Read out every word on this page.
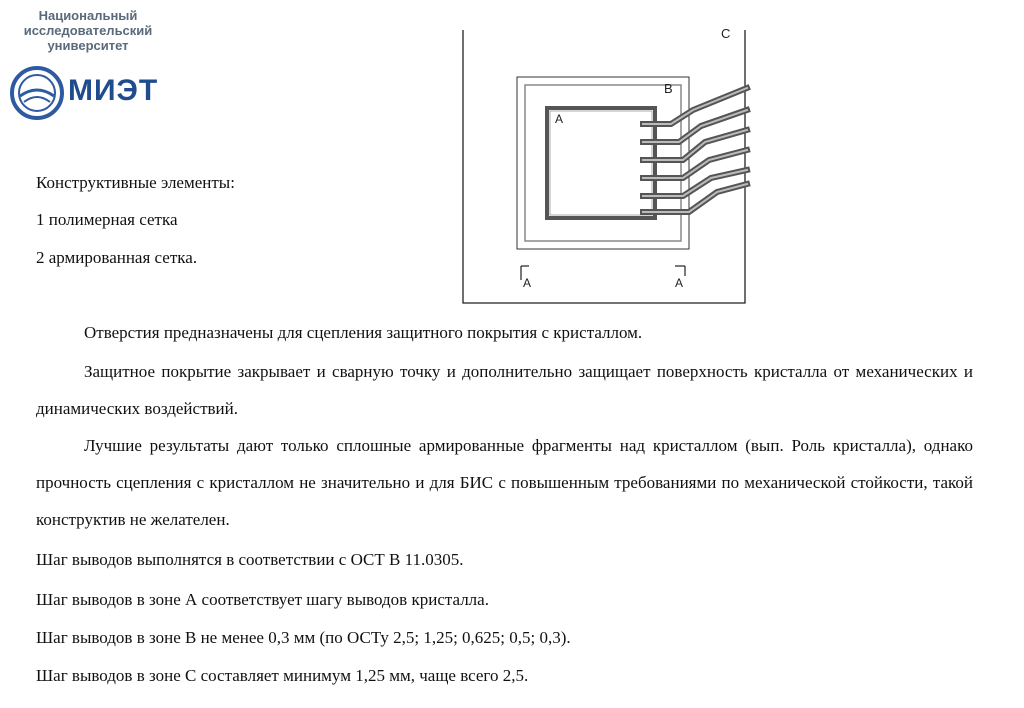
Национальный
исследовательский
университет
МИЭТ
C
B
A
A	A
Конструктивные элементы:
1 полимерная сетка
2 армированная сетка.
Отверстия предназначены для сцепления защитного покрытия с кристаллом.
Защитное покрытие закрывает и сварную точку и дополнительно защищает поверхность кристалла от механических и динамических воздействий.
Лучшие результаты дают только сплошные армированные фрагменты над кристаллом (вып. Роль кристалла), однако прочность сцепления с кристаллом не значительно и для БИС с повышенным требованиями по механической стойкости, такой конструктив не желателен.
Шаг выводов выполнятся в соответствии с ОСТ В 11.0305.
Шаг выводов в зоне А соответствует шагу выводов кристалла.
Шаг выводов в зоне В не менее 0,3 мм (по ОСТу 2,5; 1,25; 0,625; 0,5; 0,3).
Шаг выводов в зоне С составляет минимум 1,25 мм, чаще всего 2,5.
